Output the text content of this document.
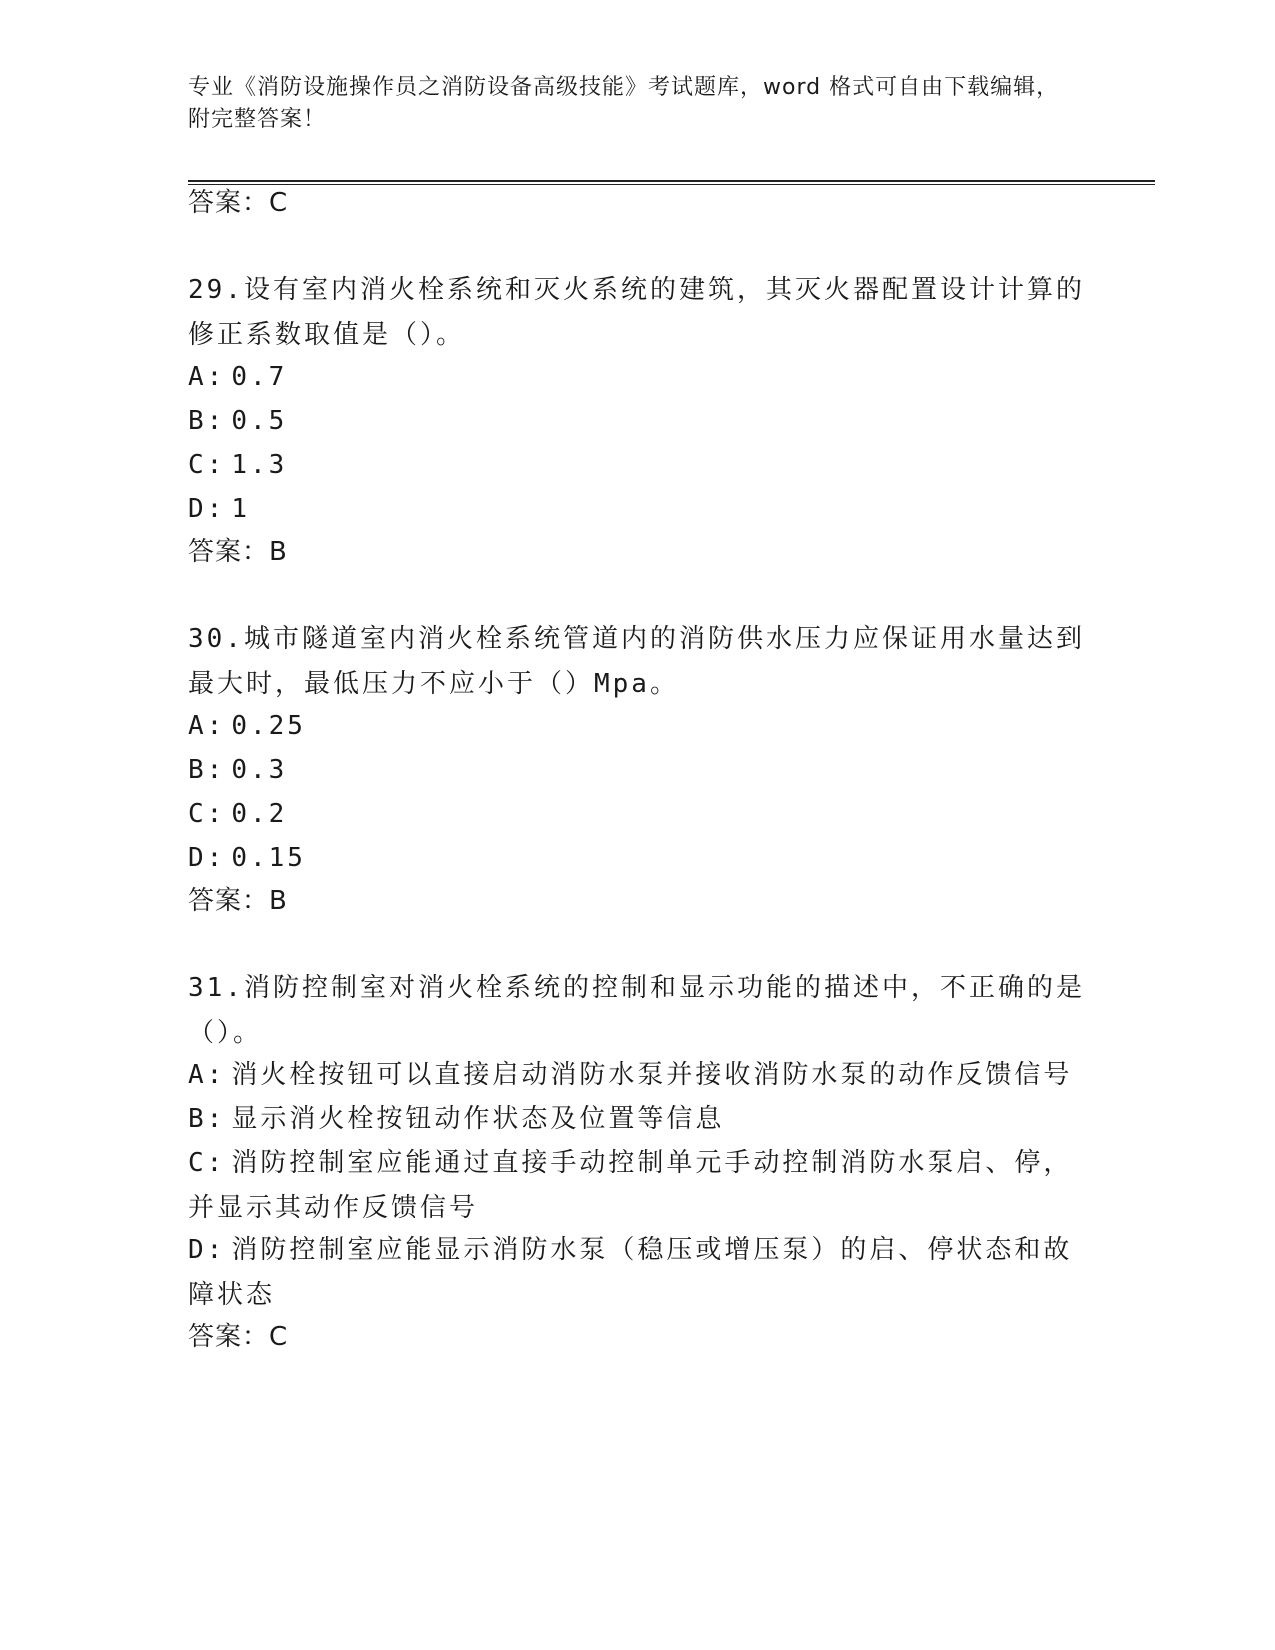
专业《消防设施操作员之消防设备高级技能》考试题库，word 格式可自由下载编辑，附完整答案！
答案：C
29.设有室内消火栓系统和灭火系统的建筑，其灭火器配置设计计算的修正系数取值是（）。
A: 0.7
B: 0.5
C: 1.3
D: 1
答案：B
30.城市隧道室内消火栓系统管道内的消防供水压力应保证用水量达到最大时，最低压力不应小于（）Mpa。
A: 0.25
B: 0.3
C: 0.2
D: 0.15
答案：B
31.消防控制室对消火栓系统的控制和显示功能的描述中，不正确的是（）。
A: 消火栓按钮可以直接启动消防水泵并接收消防水泵的动作反馈信号
B: 显示消火栓按钮动作状态及位置等信息
C: 消防控制室应能通过直接手动控制单元手动控制消防水泵启、停，并显示其动作反馈信号
D: 消防控制室应能显示消防水泵（稳压或增压泵）的启、停状态和故障状态
答案：C
